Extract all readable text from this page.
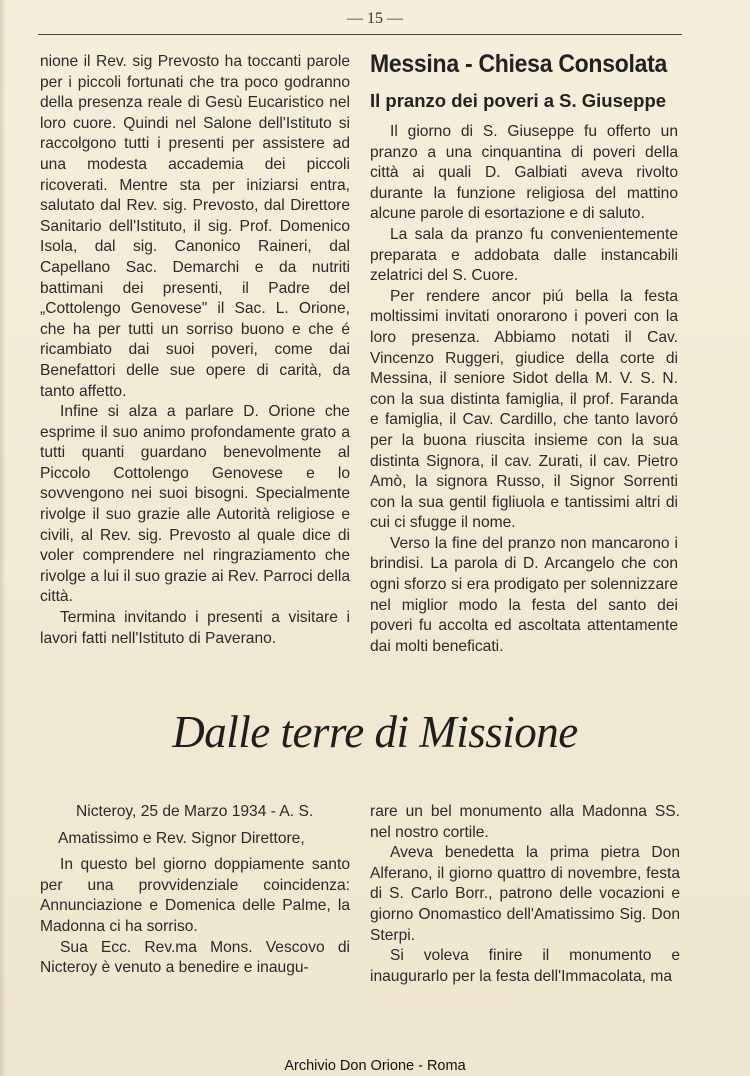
— 15 —

nione il Rev. sig Prevosto ha toccanti parole per i piccoli fortunati che tra poco godranno della presenza reale di Gesù Eucaristico nel loro cuore. Quindi nel Salone dell'Istituto si raccolgono tutti i presenti per assistere ad una modesta accademia dei piccoli ricoverati. Mentre sta per iniziarsi entra, salutato dal Rev. sig. Prevosto, dal Direttore Sanitario dell'Istituto, il sig. Prof. Domenico Isola, dal sig. Canonico Raineri, dal Capellano Sac. Demarchi e da nutriti battimani dei presenti, il Padre del „Cottolengo Genovese" il Sac. L. Orione, che ha per tutti un sorriso buono e che é ricambiato dai suoi poveri, come dai Benefattori delle sue opere di carità, da tanto affetto.

Infine si alza a parlare D. Orione che esprime il suo animo profondamente grato a tutti quanti guardano benevolmente al Piccolo Cottolengo Genovese e lo sovvengono nei suoi bisogni. Specialmente rivolge il suo grazie alle Autorità religiose e civili, al Rev. sig. Prevosto al quale dice di voler comprendere nel ringraziamento che rivolge a lui il suo grazie ai Rev. Parroci della città.

Termina invitando i presenti a visitare i lavori fatti nell'Istituto di Paverano.

Messina - Chiesa Consolata
Il pranzo dei poveri a S. Giuseppe

Il giorno di S. Giuseppe fu offerto un pranzo a una cinquantina di poveri della città ai quali D. Galbiati aveva rivolto durante la funzione religiosa del mattino alcune parole di esortazione e di saluto.

La sala da pranzo fu convenientemente preparata e addobata dalle instancabili zelatrici del S. Cuore.

Per rendere ancor piú bella la festa moltissimi invitati onorarono i poveri con la loro presenza. Abbiamo notati il Cav. Vincenzo Ruggeri, giudice della corte di Messina, il seniore Sidot della M. V. S. N. con la sua distinta famiglia, il prof. Faranda e famiglia, il Cav. Cardillo, che tanto lavoró per la buona riuscita insieme con la sua distinta Signora, il cav. Zurati, il cav. Pietro Amò, la signora Russo, il Signor Sorrenti con la sua gentil figliuola e tantissimi altri di cui ci sfugge il nome.

Verso la fine del pranzo non mancarono i brindisi. La parola di D. Arcangelo che con ogni sforzo si era prodigato per solennizzare nel miglior modo la festa del santo dei poveri fu accolta ed ascoltata attentamente dai molti beneficati.

Dalle terre di Missione

Nicteroy, 25 de Marzo 1934 - A. S.

Amatissimo e Rev. Signor Direttore,

In questo bel giorno doppiamente santo per una provvidenziale coincidenza: Annunciazione e Domenica delle Palme, la Madonna ci ha sorriso.

Sua Ecc. Rev.ma Mons. Vescovo di Nicteroy è venuto a benedire e inaugu-

rare un bel monumento alla Madonna SS. nel nostro cortile.

Aveva benedetta la prima pietra Don Alferano, il giorno quattro di novembre, festa di S. Carlo Borr., patrono delle vocazioni e giorno Onomastico dell'Amatissimo Sig. Don Sterpi.

Si voleva finire il monumento e inaugurarlo per la festa dell'Immacolata, ma

Archivio Don Orione - Roma
